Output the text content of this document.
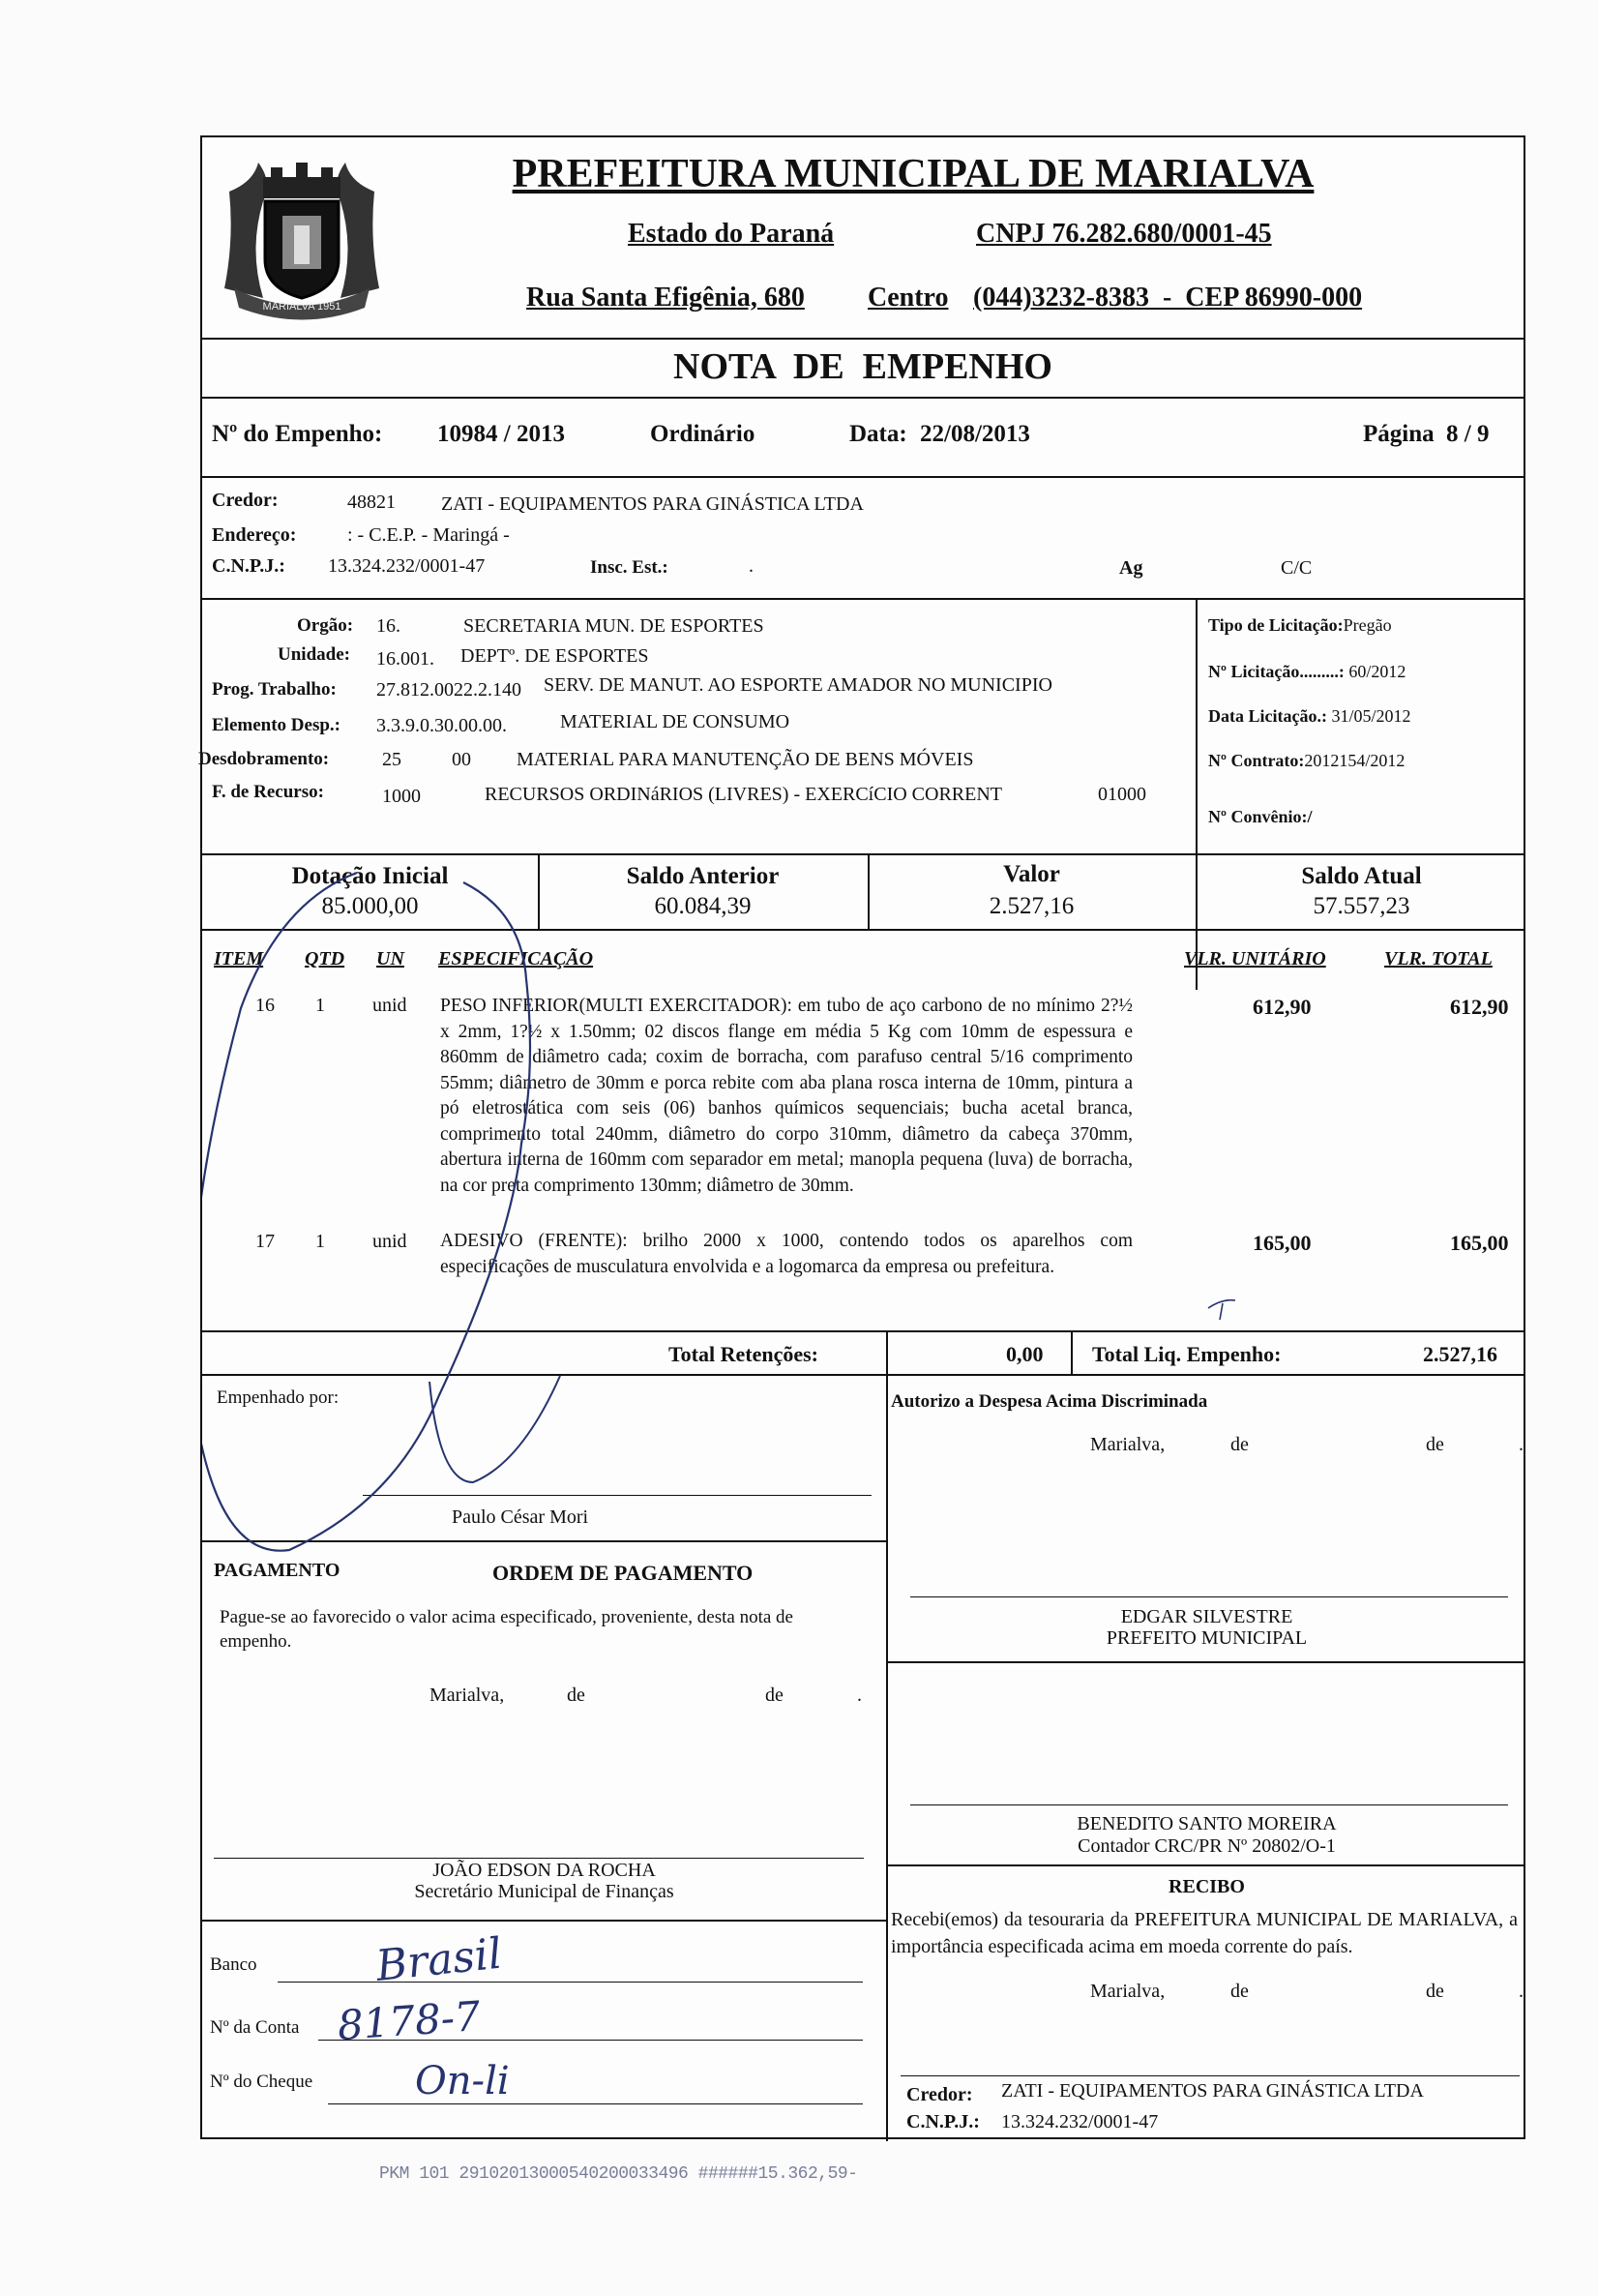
MARIALVA 1951
PREFEITURA MUNICIPAL DE MARIALVA
Estado do Paraná	CNPJ 76.282.680/0001-45
Rua Santa Efigênia, 680 Centro (044)3232-8383  -  CEP 86990-000
NOTA  DE  EMPENHO
Nº do Empenho: 10984 / 2013	Ordinário	Data: 22/08/2013	Página 8 / 9
Credor:	48821 ZATI - EQUIPAMENTOS PARA GINÁSTICA LTDA
Endereço:	: - C.E.P. - Maringá -
C.N.P.J.: 13.324.232/0001-47	Insc. Est.:	.	Ag	C/C
Orgão: 16.	SECRETARIA MUN. DE ESPORTES
Unidade: 16.001. DEPTº. DE ESPORTES
Prog. Trabalho: 27.812.0022.2.140 SERV. DE MANUT. AO ESPORTE AMADOR NO MUNICIPIO
Elemento Desp.: 3.3.9.0.30.00.00.	MATERIAL DE CONSUMO
Desdobramento:	25	00 MATERIAL PARA MANUTENÇÃO DE BENS MÓVEIS
F. de Recurso:	1000	RECURSOS ORDINáRIOS (LIVRES) - EXERCíCIO CORRENT	01000
Tipo de Licitação:Pregão
Nº Licitação.........: 60/2012
Data Licitação.: 31/05/2012
Nº Contrato:2012154/2012
Nº Convênio:/
Dotação Inicial
85.000,00
Saldo Anterior
60.084,39
Valor
2.527,16
Saldo Atual
57.557,23
ITEM QTD UN ESPECIFICAÇÃO	VLR. UNITÁRIO	VLR. TOTAL
16 1 unid PESO INFERIOR(MULTI EXERCITADOR): em tubo de aço carbono de no mínimo 2?½ x 2mm, 1?½ x 1.50mm; 02 discos flange em média 5 Kg com 10mm de espessura e 860mm de diâmetro cada; coxim de borracha, com parafuso central 5/16 comprimento 55mm; diâmetro de 30mm e porca rebite com aba plana rosca interna de 10mm, pintura a pó eletrostática com seis (06) banhos químicos sequenciais; bucha acetal branca, comprimento total 240mm, diâmetro do corpo 310mm, diâmetro da cabeça 370mm, abertura interna de 160mm com separador em metal; manopla pequena (luva) de borracha, na cor preta comprimento 130mm; diâmetro de 30mm.
612,90	612,90
17 1 unid ADESIVO (FRENTE): brilho 2000 x 1000, contendo todos os aparelhos com especificações de musculatura envolvida e a logomarca da empresa ou prefeitura.
165,00	165,00
Total Retenções:	0,00 Total Liq. Empenho:	2.527,16
Empenhado por:
Paulo César Mori
Autorizo a Despesa Acima Discriminada
Marialva,	de	de	.
PAGAMENTO	ORDEM DE PAGAMENTO
Pague-se ao favorecido o valor acima especificado, proveniente, desta nota de empenho.
Marialva,	de	de	.
EDGAR SILVESTRE
PREFEITO MUNICIPAL
BENEDITO SANTO MOREIRA
Contador CRC/PR Nº 20802/O-1
RECIBO
Recebi(emos) da tesouraria da PREFEITURA MUNICIPAL DE MARIALVA, a importância especificada acima em moeda corrente do país.
Marialva,	de	de	.
Credor: ZATI - EQUIPAMENTOS PARA GINÁSTICA LTDA
C.N.P.J.: 13.324.232/0001-47
JOÃO EDSON DA ROCHA
Secretário Municipal de Finanças
Banco
Nº da Conta
Nº do Cheque
Brasil
8178-7
On-li
PKM 101 29102013000540200033496 ######15.362,59-
